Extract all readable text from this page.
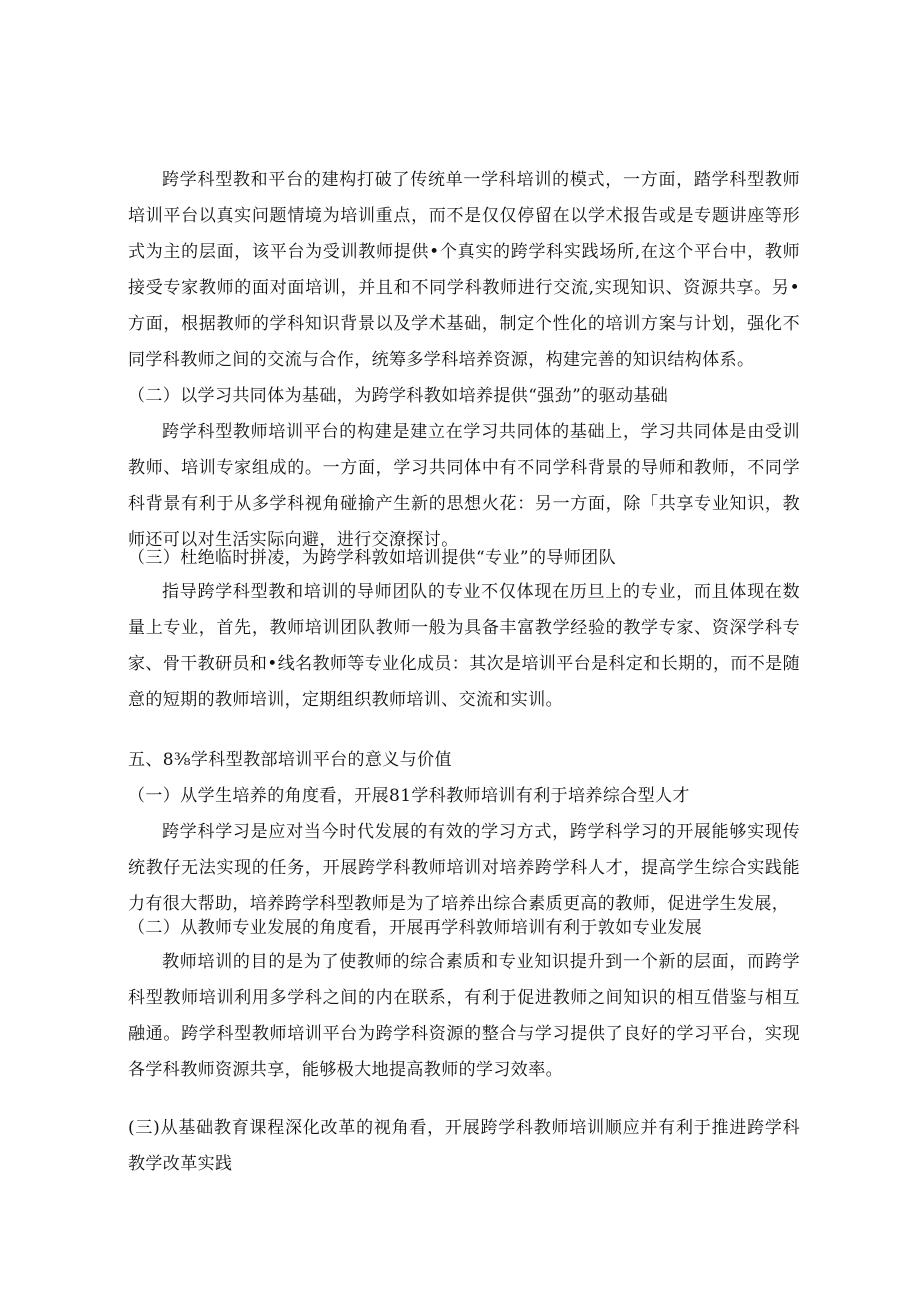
跨学科型教和平台的建构打破了传统单一学科培训的模式，一方面，踏学科型教师培训平台以真实问题情境为培训重点，而不是仅仅停留在以学术报告或是专题讲座等形式为主的层面，该平台为受训教师提供•个真实的跨学科实践场所,在这个平台中，教师接受专家教师的面对面培训，并且和不同学科教师进行交流,实现知识、资源共享。另•方面，根据教师的学科知识背景以及学术基础，制定个性化的培训方案与计划，强化不同学科教师之间的交流与合作，统筹多学科培养资源，构建完善的知识结构体系。
（二）以学习共同体为基础，为跨学科教如培养提供“强劲”的驱动基础
跨学科型教师培训平台的构建是建立在学习共同体的基础上，学习共同体是由受训教师、培训专家组成的。一方面，学习共同体中有不同学科背景的导师和教师，不同学科背景有利于从多学科视角碰揄产生新的思想火花：另一方面，除「共享专业知识，教师还可以对生活实际向避，进行交潦探讨。
（三）杜绝临时拼凌，为跨学科敦如培训提供“专业”的导师团队
指导跨学科型教和培训的导师团队的专业不仅体现在历旦上的专业，而且体现在数量上专业，首先，教师培训团队教师一般为具备丰富教学经验的教学专家、资深学科专家、骨干教研员和•线名教师等专业化成员：其次是培训平台是科定和长期的，而不是随意的短期的教师培训，定期组织教师培训、交流和实训。
五、8⅜学科型教部培训平台的意义与价值
（一）从学生培养的角度看，开展81学科教师培训有利于培养综合型人才
跨学科学习是应对当今时代发展的有效的学习方式，跨学科学习的开展能够实现传统教仔无法实现的任务，开展跨学科教师培训对培养跨学科人才，提高学生综合实践能力有很大帮助，培养跨学科型教师是为了培养出综合素质更高的教师，促进学生发展，
（二）从教师专业发展的角度看，开展再学科敦师培训有利于敦如专业发展
教师培训的目的是为了使教师的综合素质和专业知识提升到一个新的层面，而跨学科型教师培训利用多学科之间的内在联系，有利于促进教师之间知识的相互借鉴与相互融通。跨学科型教师培训平台为跨学科资源的整合与学习提供了良好的学习平台，实现各学科教师资源共享，能够极大地提高教师的学习效率。
(三)从基础教育课程深化改革的视角看，开展跨学科教师培训顺应并有利于推进跨学科教学改革实践
